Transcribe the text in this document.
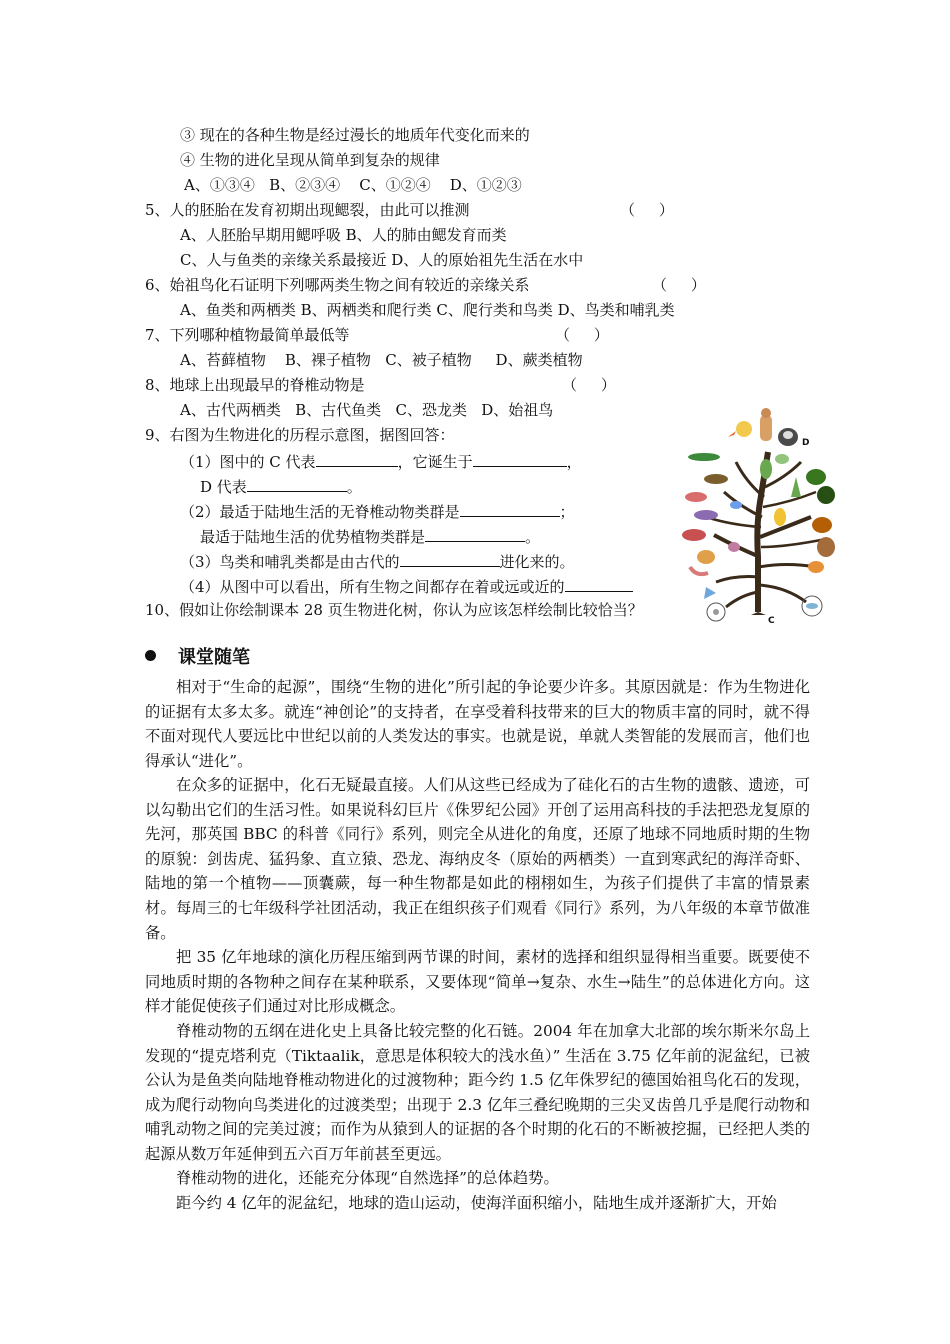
③ 现在的各种生物是经过漫长的地质年代变化而来的
④ 生物的进化呈现从简单到复杂的规律
A、①③④   B、②③④    C、①②④    D、①②③
5、人的胚胎在发育初期出现鳃裂，由此可以推测	（     ）
A、人胚胎早期用鳃呼吸 B、人的肺由鳃发育而类
C、人与鱼类的亲缘关系最接近 D、人的原始祖先生活在水中
6、始祖鸟化石证明下列哪两类生物之间有较近的亲缘关系	（     ）
A、鱼类和两栖类 B、两栖类和爬行类 C、爬行类和鸟类 D、鸟类和哺乳类
7、下列哪种植物最简单最低等	（     ）
A、苔藓植物    B、裸子植物   C、被子植物     D、蕨类植物
8、地球上出现最早的脊椎动物是	（     ）
A、古代两栖类   B、古代鱼类   C、恐龙类   D、始祖鸟
9、右图为生物进化的历程示意图，据图回答：
（1）图中的 C 代表	，它诞生于	，
D 代表	。
（2）最适于陆地生活的无脊椎动物类群是	；
最适于陆地生活的优势植物类群是	。
（3）鸟类和哺乳类都是由古代的	进化来的。
（4）从图中可以看出，所有生物之间都存在着或远或近的
10、假如让你绘制课本 28 页生物进化树，你认为应该怎样绘制比较恰当？
D
C
课堂随笔
相对于“生命的起源”，围绕“生物的进化”所引起的争论要少许多。其原因就是：作为生物进化的证据有太多太多。就连“神创论”的支持者，在享受着科技带来的巨大的物质丰富的同时，就不得不面对现代人要远比中世纪以前的人类发达的事实。也就是说，单就人类智能的发展而言，他们也得承认“进化”。
在众多的证据中，化石无疑最直接。人们从这些已经成为了硅化石的古生物的遗骸、遗迹，可以勾勒出它们的生活习性。如果说科幻巨片《侏罗纪公园》开创了运用高科技的手法把恐龙复原的先河，那英国 BBC 的科普《同行》系列，则完全从进化的角度，还原了地球不同地质时期的生物的原貌：剑齿虎、猛犸象、直立猿、恐龙、海纳皮冬（原始的两栖类）一直到寒武纪的海洋奇虾、陆地的第一个植物——顶囊蕨，每一种生物都是如此的栩栩如生，为孩子们提供了丰富的情景素材。每周三的七年级科学社团活动，我正在组织孩子们观看《同行》系列，为八年级的本章节做准备。
把 35 亿年地球的演化历程压缩到两节课的时间，素材的选择和组织显得相当重要。既要使不同地质时期的各物种之间存在某种联系，又要体现“简单→复杂、水生→陆生”的总体进化方向。这样才能促使孩子们通过对比形成概念。
脊椎动物的五纲在进化史上具备比较完整的化石链。2004 年在加拿大北部的埃尔斯米尔岛上发现的“提克塔利克（Tiktaalik，意思是体积较大的浅水鱼）” 生活在 3.75 亿年前的泥盆纪，已被公认为是鱼类向陆地脊椎动物进化的过渡物种；距今约 1.5 亿年侏罗纪的德国始祖鸟化石的发现，成为爬行动物向鸟类进化的过渡类型；出现于 2.3 亿年三叠纪晚期的三尖叉齿兽几乎是爬行动物和哺乳动物之间的完美过渡；而作为从猿到人的证据的各个时期的化石的不断被挖掘，已经把人类的起源从数万年延伸到五六百万年前甚至更远。
脊椎动物的进化，还能充分体现“自然选择”的总体趋势。
距今约 4 亿年的泥盆纪，地球的造山运动，使海洋面积缩小，陆地生成并逐渐扩大，开始
